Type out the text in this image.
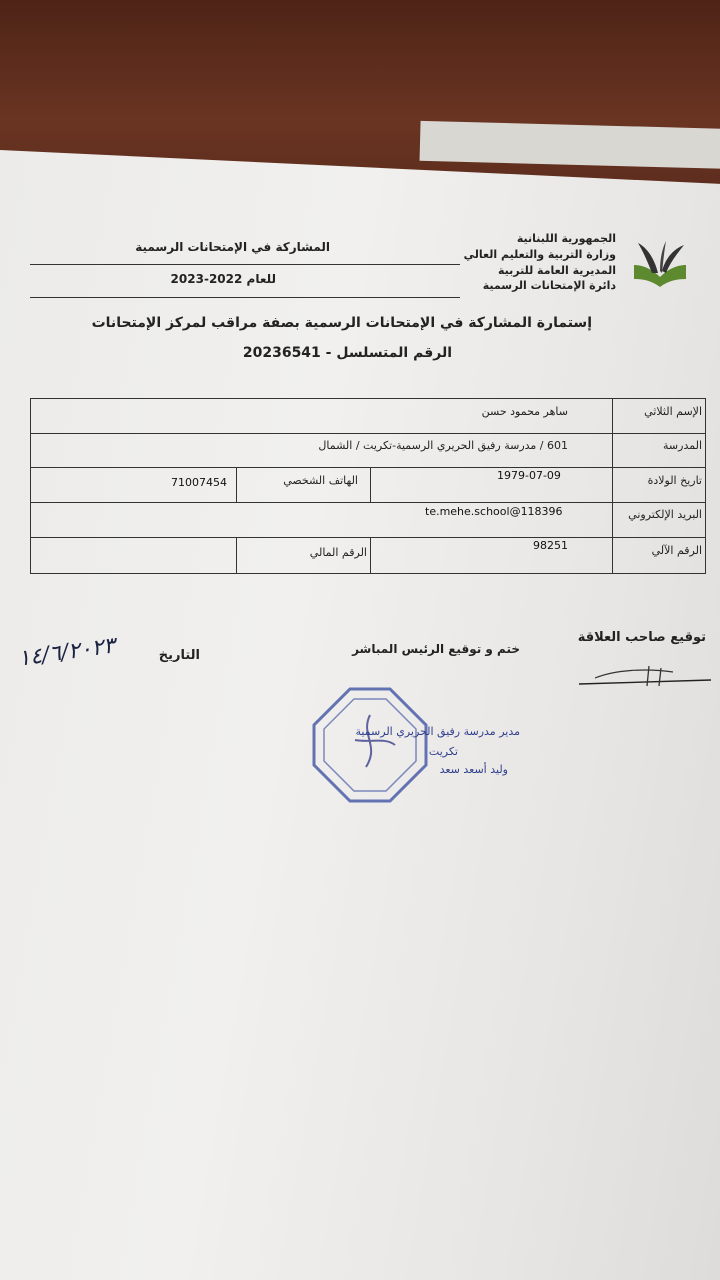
الجمهورية اللبنانية
وزارة التربية والتعليم العالي
المديرية العامة للتربية
دائرة الإمتحانات الرسمية
المشاركة في الإمتحانات الرسمية
للعام 2022-2023
إستمارة المشاركة في الإمتحانات الرسمية بصفة مراقب لمركز الإمتحانات
الرقم المتسلسل - 20236541
الإسم الثلاثي
ساهر محمود حسن
المدرسة
601 / مدرسة رفيق الحريري الرسمية-تكريت / الشمال
تاريخ الولادة
1979-07-09
الهاتف الشخصي
71007454
البريد الإلكتروني
te.mehe.school@118396
الرقم الآلي
98251
الرقم المالي
توقيع صاحب العلاقة
ختم و توقيع الرئيس المباشر
التاريخ
١٤/٦/٢٠٢٣
مدير مدرسة رفيق الحريري الرسمية
تكريت
وليد أسعد سعد
